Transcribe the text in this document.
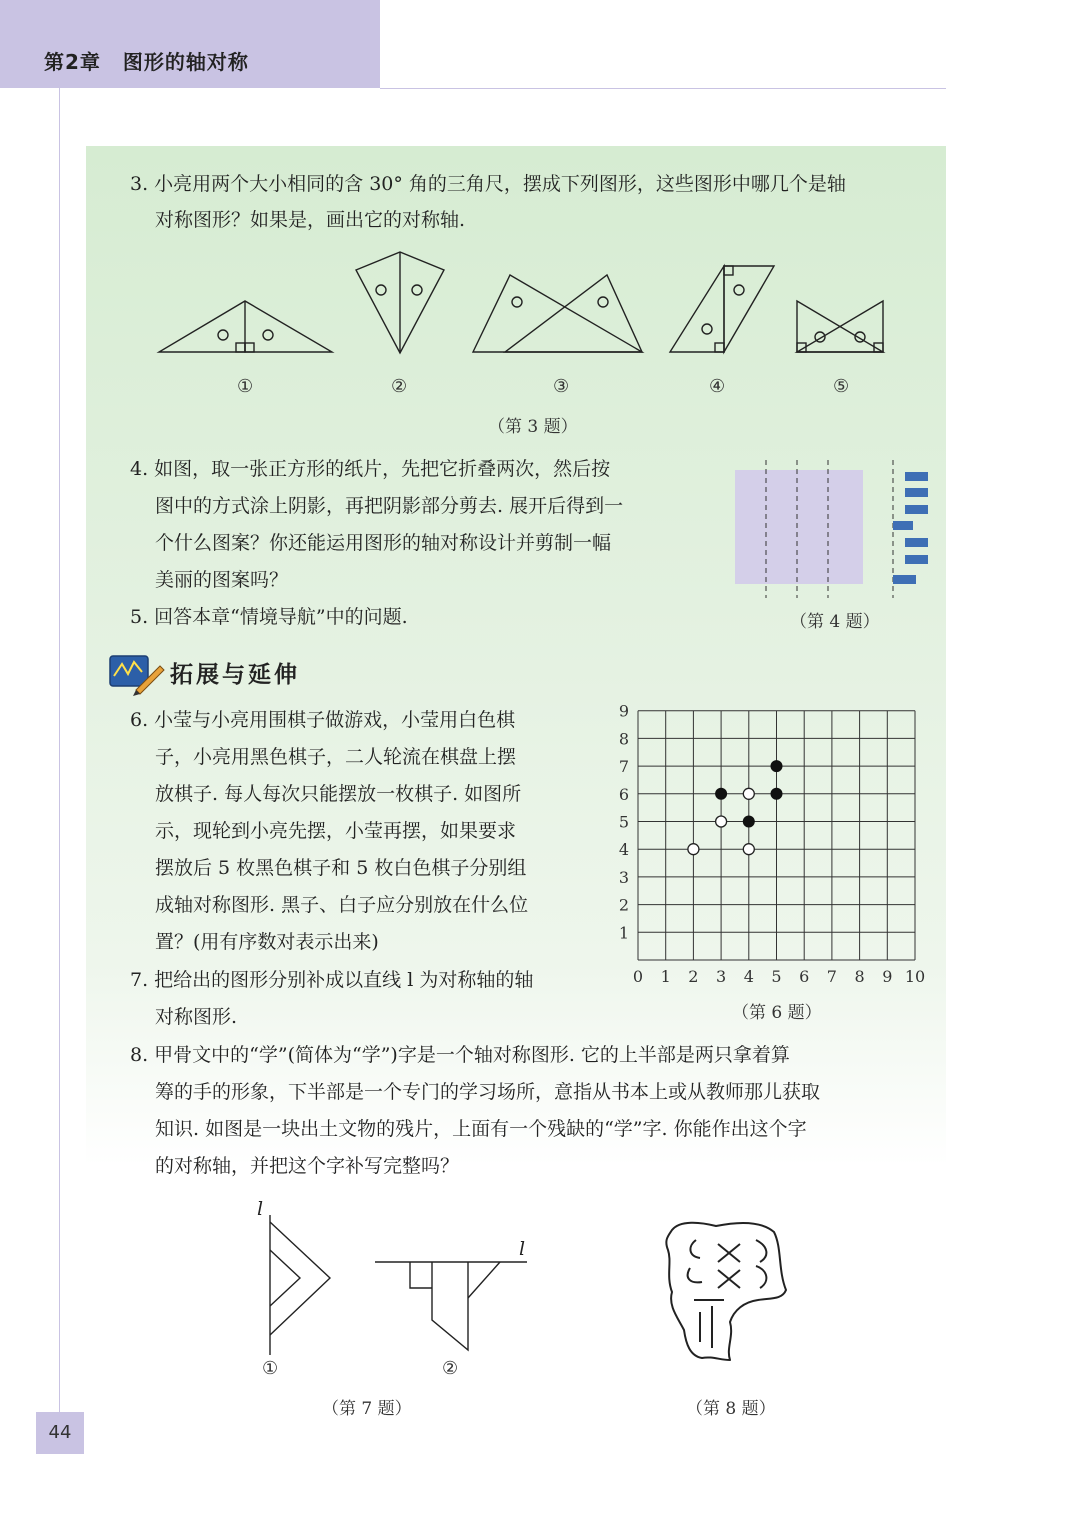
第2章 图形的轴对称
3. 小亮用两个大小相同的含 30° 角的三角尺，摆成下列图形，这些图形中哪几个是轴
对称图形？如果是，画出它的对称轴.
①	②	③	④	⑤
（第 3 题）
4. 如图，取一张正方形的纸片，先把它折叠两次，然后按
图中的方式涂上阴影，再把阴影部分剪去. 展开后得到一
个什么图案？你还能运用图形的轴对称设计并剪制一幅
美丽的图案吗？
（第 4 题）
5. 回答本章“情境导航”中的问题.
拓展与延伸
6. 小莹与小亮用围棋子做游戏，小莹用白色棋
子，小亮用黑色棋子，二人轮流在棋盘上摆
放棋子. 每人每次只能摆放一枚棋子. 如图所
示，现轮到小亮先摆，小莹再摆，如果要求
摆放后 5 枚黑色棋子和 5 枚白色棋子分别组
成轴对称图形. 黑子、白子应分别放在什么位
置？(用有序数对表示出来)
0 1 2 3 4 5 6 7 8 9 10
1
2
3
4
5
6
7
8
9
（第 6 题）
7. 把给出的图形分别补成以直线 l 为对称轴的轴
对称图形.
8. 甲骨文中的“学”(简体为“学”)字是一个轴对称图形. 它的上半部是两只拿着算
筹的手的形象，下半部是一个专门的学习场所，意指从书本上或从教师那儿获取
知识. 如图是一块出土文物的残片，上面有一个残缺的“学”字. 你能作出这个字
的对称轴，并把这个字补写完整吗？
l
l
①	②
（第 7 题）	（第 8 题）
44
